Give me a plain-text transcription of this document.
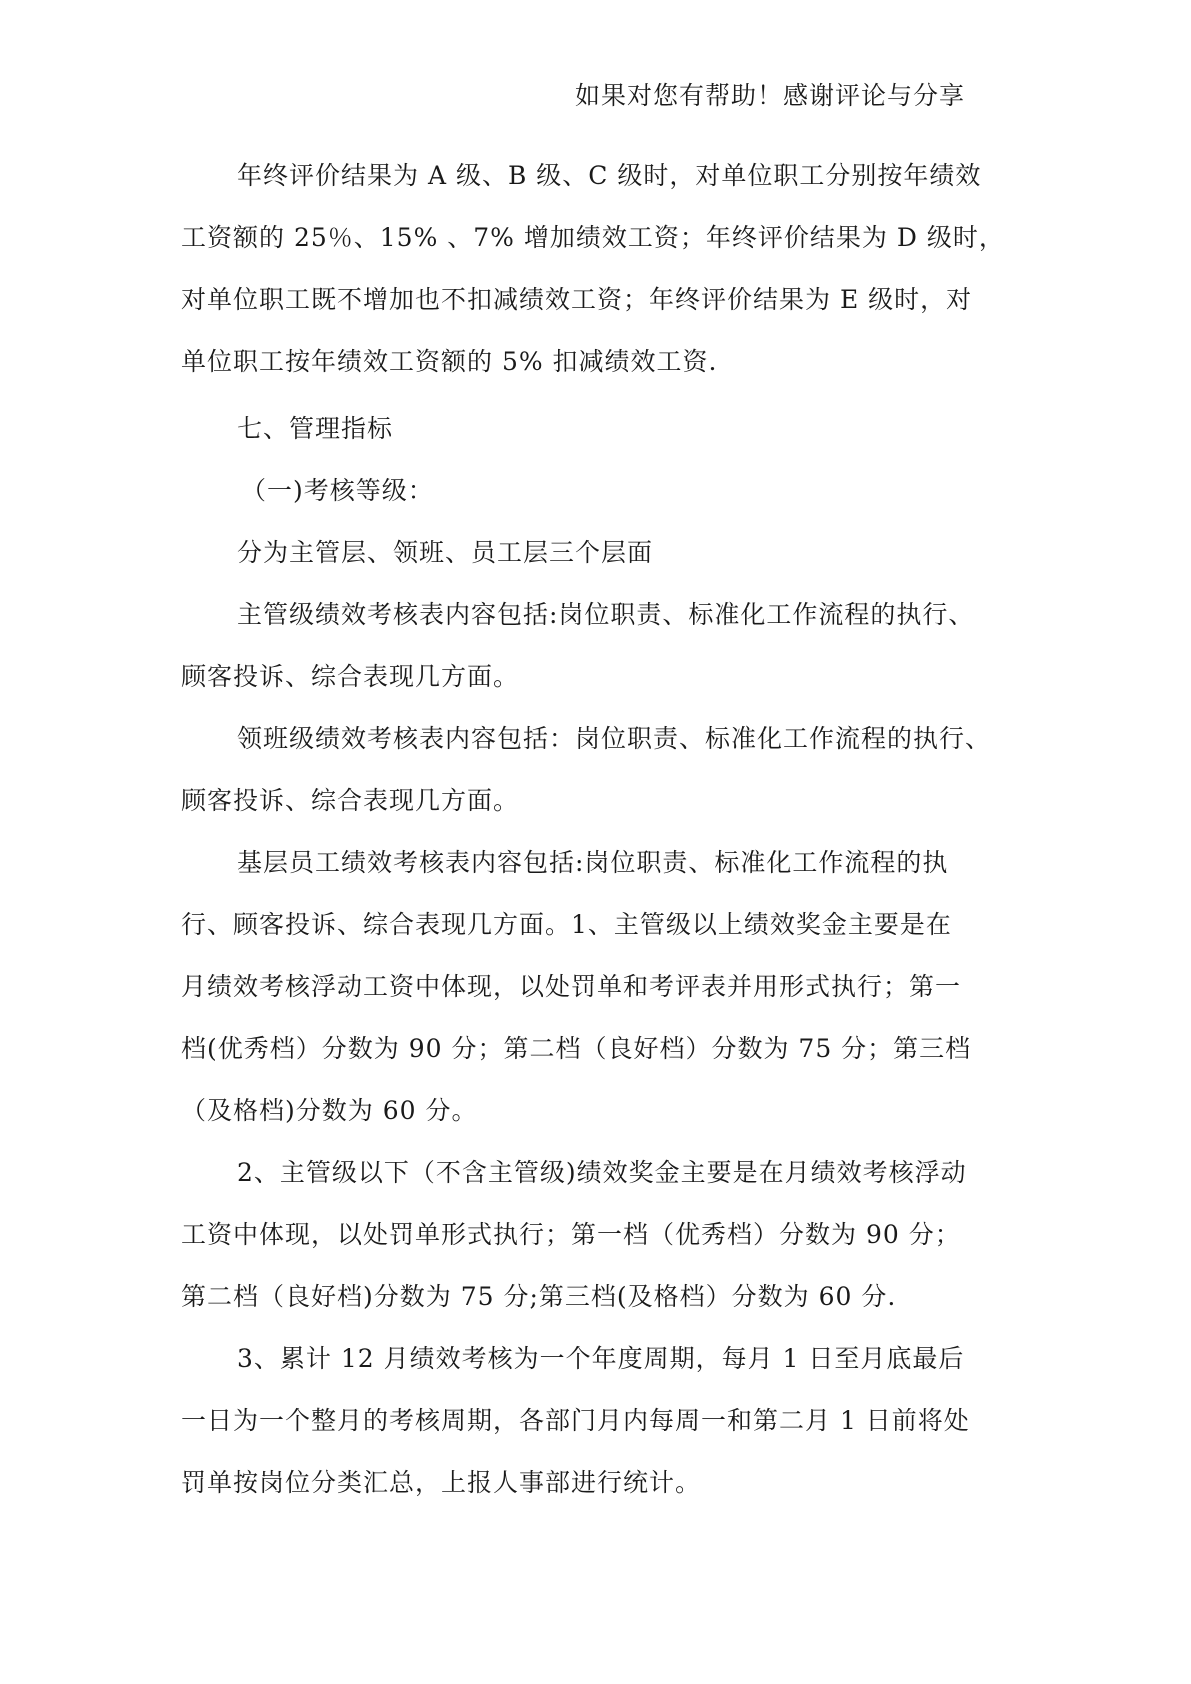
如果对您有帮助！感谢评论与分享

年终评价结果为 A 级、B 级、C 级时，对单位职工分别按年绩效
工资额的 25％、15% 、7% 增加绩效工资；年终评价结果为 D 级时，
对单位职工既不增加也不扣减绩效工资；年终评价结果为 E 级时，对
单位职工按年绩效工资额的 5% 扣减绩效工资.

七、管理指标

（一)考核等级：

分为主管层、领班、员工层三个层面

主管级绩效考核表内容包括:岗位职责、标准化工作流程的执行、
顾客投诉、综合表现几方面。

领班级绩效考核表内容包括：岗位职责、标准化工作流程的执行、
顾客投诉、综合表现几方面。

基层员工绩效考核表内容包括:岗位职责、标准化工作流程的执
行、顾客投诉、综合表现几方面。1、主管级以上绩效奖金主要是在
月绩效考核浮动工资中体现，以处罚单和考评表并用形式执行；第一
档(优秀档）分数为 90 分；第二档（良好档）分数为 75 分；第三档
（及格档)分数为 60 分。

2、主管级以下（不含主管级)绩效奖金主要是在月绩效考核浮动
工资中体现，以处罚单形式执行；第一档（优秀档）分数为 90 分；
第二档（良好档)分数为 75 分;第三档(及格档）分数为 60 分.

3、累计 12 月绩效考核为一个年度周期，每月 1 日至月底最后
一日为一个整月的考核周期，各部门月内每周一和第二月 1 日前将处
罚单按岗位分类汇总，上报人事部进行统计。
